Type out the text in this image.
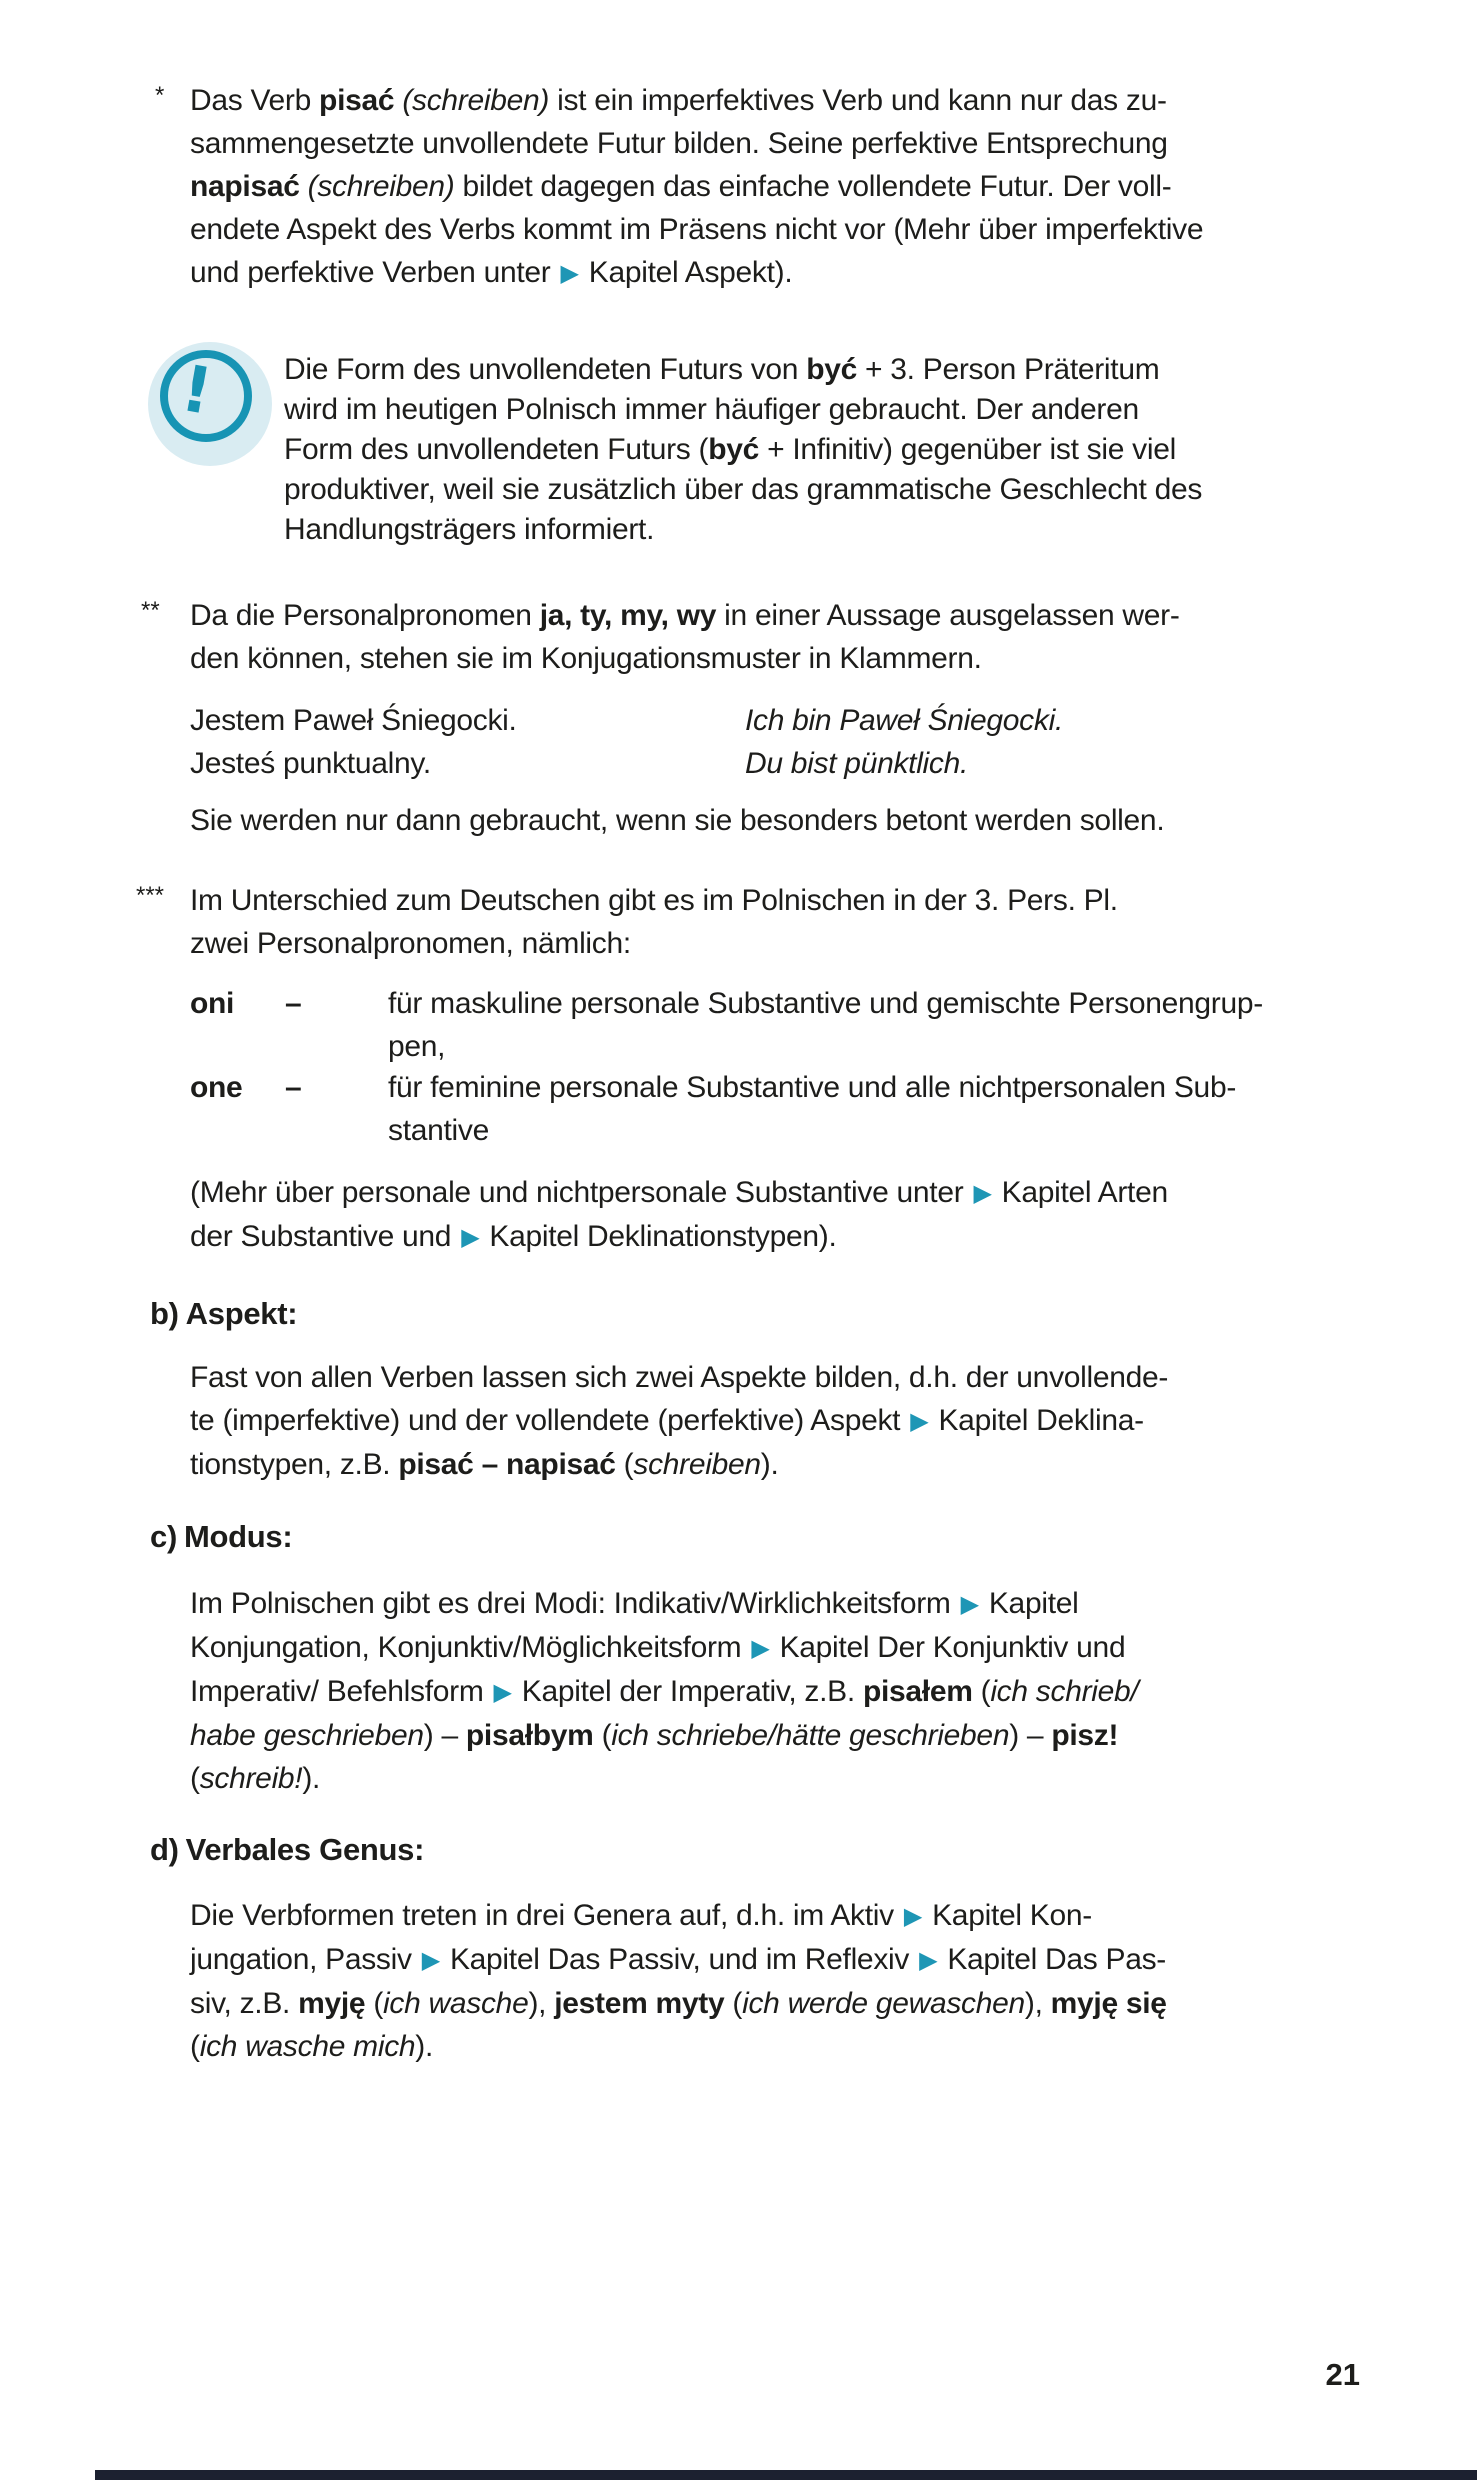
* Das Verb pisać (schreiben) ist ein imperfektives Verb und kann nur das zu-
sammengesetzte unvollendete Futur bilden. Seine perfektive Entsprechung
napisać (schreiben) bildet dagegen das einfache vollendete Futur. Der voll-
endete Aspekt des Verbs kommt im Präsens nicht vor (Mehr über imperfektive
und perfektive Verben unter ▶ Kapitel Aspekt).
! Die Form des unvollendeten Futurs von być + 3. Person Präteritum
wird im heutigen Polnisch immer häufiger gebraucht. Der anderen
Form des unvollendeten Futurs (być + Infinitiv) gegenüber ist sie viel
produktiver, weil sie zusätzlich über das grammatische Geschlecht des
Handlungsträgers informiert.
** Da die Personalpronomen ja, ty, my, wy in einer Aussage ausgelassen wer-
den können, stehen sie im Konjugationsmuster in Klammern.
Jestem Paweł Śniegocki.
Jesteś punktualny.
Ich bin Paweł Śniegocki.
Du bist pünktlich.
Sie werden nur dann gebraucht, wenn sie besonders betont werden sollen.
*** Im Unterschied zum Deutschen gibt es im Polnischen in der 3. Pers. Pl.
zwei Personalpronomen, nämlich:
oni –	für maskuline personale Substantive und gemischte Personengrup-
pen,
one –	für feminine personale Substantive und alle nichtpersonalen Sub-
stantive
(Mehr über personale und nichtpersonale Substantive unter ▶ Kapitel Arten
der Substantive und ▶ Kapitel Deklinationstypen).
b) Aspekt:
Fast von allen Verben lassen sich zwei Aspekte bilden, d.h. der unvollende-
te (imperfektive) und der vollendete (perfektive) Aspekt ▶ Kapitel Deklina-
tionstypen, z.B. pisać – napisać (schreiben).
c) Modus:
Im Polnischen gibt es drei Modi: Indikativ/Wirklichkeitsform ▶ Kapitel
Konjungation, Konjunktiv/Möglichkeitsform ▶ Kapitel Der Konjunktiv und
Imperativ/ Befehlsform ▶ Kapitel der Imperativ, z.B. pisałem (ich schrieb/
habe geschrieben) – pisałbym (ich schriebe/hätte geschrieben) – pisz!
(schreib!).
d) Verbales Genus:
Die Verbformen treten in drei Genera auf, d.h. im Aktiv ▶ Kapitel Kon-
jungation, Passiv ▶ Kapitel Das Passiv, und im Reflexiv ▶ Kapitel Das Pas-
siv, z.B. myję (ich wasche), jestem myty (ich werde gewaschen), myję się
(ich wasche mich).
21
